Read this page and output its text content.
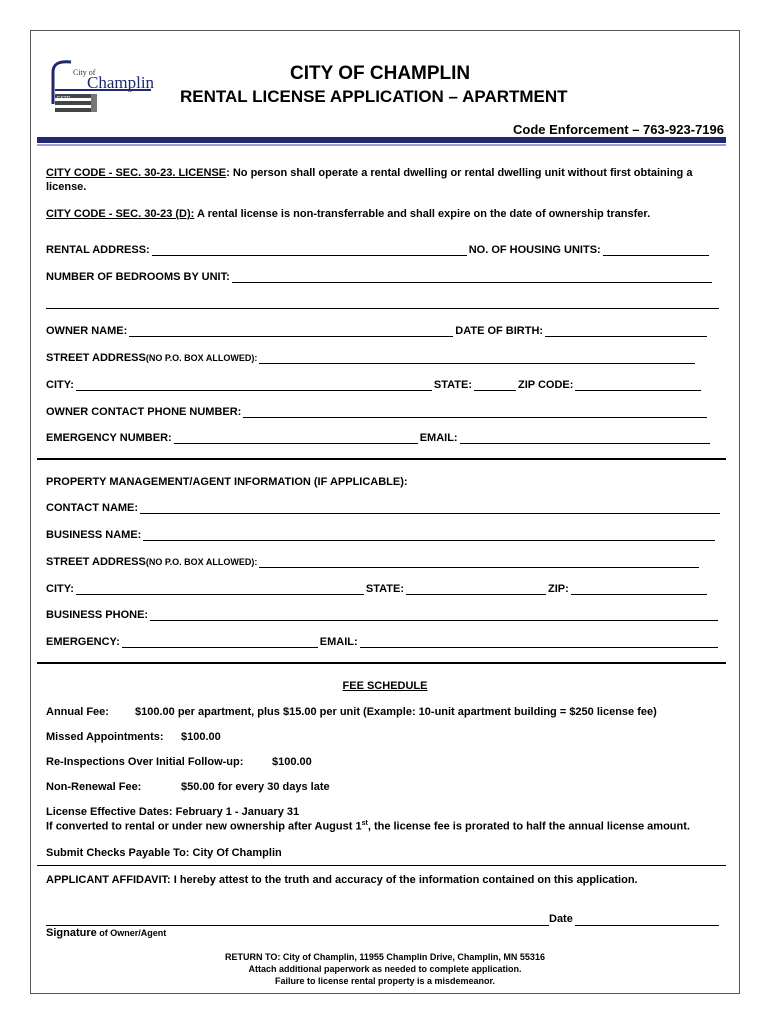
City of
Champlin
ESTD
CITY OF CHAMPLIN
RENTAL LICENSE APPLICATION – APARTMENT
Code Enforcement – 763-923-7196
CITY CODE - SEC. 30-23. LICENSE: No person shall operate a rental dwelling or rental dwelling unit without first obtaining a license.
CITY CODE - SEC. 30-23 (D): A rental license is non-transferrable and shall expire on the date of ownership transfer.
RENTAL ADDRESS:	NO. OF HOUSING UNITS:
NUMBER OF BEDROOMS BY UNIT:
OWNER NAME:	DATE OF BIRTH:
STREET ADDRESS (NO P.O. BOX ALLOWED):
CITY:	STATE:	ZIP CODE:
OWNER CONTACT PHONE NUMBER:
EMERGENCY NUMBER:	EMAIL:
PROPERTY MANAGEMENT/AGENT INFORMATION (IF APPLICABLE):
CONTACT NAME:
BUSINESS NAME:
STREET ADDRESS (NO P.O. BOX ALLOWED):
CITY:	STATE:	ZIP:
BUSINESS PHONE:
EMERGENCY:	EMAIL:
FEE SCHEDULE
Annual Fee: $100.00 per apartment, plus $15.00 per unit (Example: 10-unit apartment building = $250 license fee)
Missed Appointments: $100.00
Re-Inspections Over Initial Follow-up:	$100.00
Non-Renewal Fee:	$50.00 for every 30 days late
License Effective Dates: February 1 - January 31
If converted to rental or under new ownership after August 1st, the license fee is prorated to half the annual license amount.
Submit Checks Payable To: City Of Champlin
APPLICANT AFFIDAVIT: I hereby attest to the truth and accuracy of the information contained on this application.
Date
Signature of Owner/Agent
RETURN TO: City of Champlin, 11955 Champlin Drive, Champlin, MN 55316
Attach additional paperwork as needed to complete application.
Failure to license rental property is a misdemeanor.
